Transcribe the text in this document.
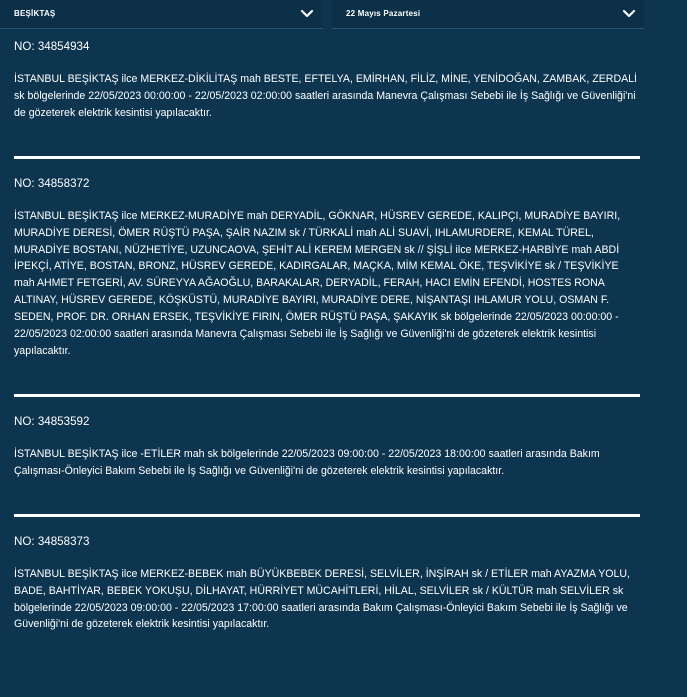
BEŞİKTAŞ	22 Mayıs Pazartesi

NO: 34854934

İSTANBUL BEŞİKTAŞ ilce MERKEZ-DİKİLİTAŞ mah BESTE, EFTELYA, EMİRHAN, FİLİZ, MİNE, YENİDOĞAN, ZAMBAK, ZERDALİ sk bölgelerinde 22/05/2023 00:00:00 - 22/05/2023 02:00:00 saatleri arasında Manevra Çalışması Sebebi ile İş Sağlığı ve Güvenliği'ni de gözeterek elektrik kesintisi yapılacaktır.

NO: 34858372

İSTANBUL BEŞİKTAŞ ilce MERKEZ-MURADİYE mah DERYADİL, GÖKNAR, HÜSREV GEREDE, KALIPÇI, MURADİYE BAYIRI, MURADİYE DERESİ, ÖMER RÜŞTÜ PAŞA, ŞAİR NAZIM sk / TÜRKALİ mah ALİ SUAVİ, IHLAMURDERE, KEMAL TÜREL, MURADİYE BOSTANI, NÜZHETİYE, UZUNCAOVA, ŞEHİT ALİ KEREM MERGEN sk // ŞİŞLİ ilce MERKEZ-HARBİYE mah ABDİ İPEKÇİ, ATİYE, BOSTAN, BRONZ, HÜSREV GEREDE, KADIRGALAR, MAÇKA, MİM KEMAL ÖKE, TEŞVİKİYE sk / TEŞVİKİYE mah AHMET FETGERİ, AV. SÜREYYA AĞAOĞLU, BARAKALAR, DERYADİL, FERAH, HACI EMİN EFENDİ, HOSTES RONA ALTINAY, HÜSREV GEREDE, KÖŞKÜSTÜ, MURADİYE BAYIRI, MURADİYE DERE, NİŞANTAŞI IHLAMUR YOLU, OSMAN F. SEDEN, PROF. DR. ORHAN ERSEK, TEŞVİKİYE FIRIN, ÖMER RÜŞTÜ PAŞA, ŞAKAYIK sk bölgelerinde 22/05/2023 00:00:00 - 22/05/2023 02:00:00 saatleri arasında Manevra Çalışması Sebebi ile İş Sağlığı ve Güvenliği'ni de gözeterek elektrik kesintisi yapılacaktır.

NO: 34853592

İSTANBUL BEŞİKTAŞ ilce -ETİLER mah sk bölgelerinde 22/05/2023 09:00:00 - 22/05/2023 18:00:00 saatleri arasında Bakım Çalışması-Önleyici Bakım Sebebi ile İş Sağlığı ve Güvenliği'ni de gözeterek elektrik kesintisi yapılacaktır.

NO: 34858373

İSTANBUL BEŞİKTAŞ ilce MERKEZ-BEBEK mah BÜYÜKBEBEK DERESİ, SELVİLER, İNŞİRAH sk / ETİLER mah AYAZMA YOLU, BADE, BAHTİYAR, BEBEK YOKUŞU, DİLHAYAT, HÜRRİYET MÜCAHİTLERİ, HİLAL, SELVİLER sk / KÜLTÜR mah SELVİLER sk bölgelerinde 22/05/2023 09:00:00 - 22/05/2023 17:00:00 saatleri arasında Bakım Çalışması-Önleyici Bakım Sebebi ile İş Sağlığı ve Güvenliği'ni de gözeterek elektrik kesintisi yapılacaktır.
